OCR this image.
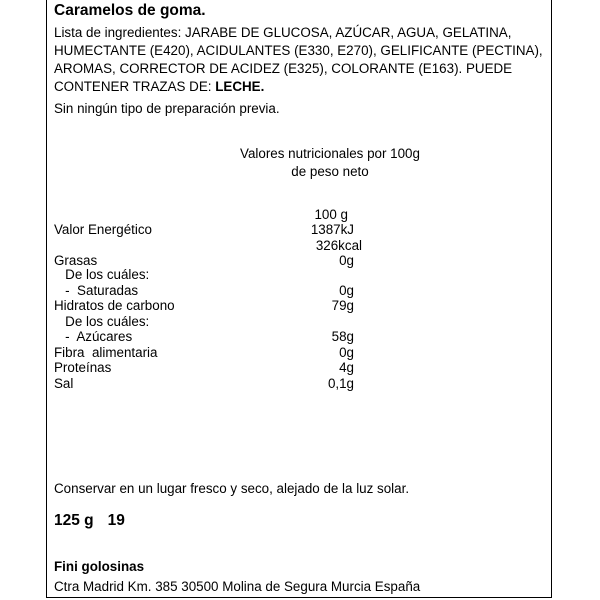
Caramelos de goma.
Lista de ingredientes: JARABE DE GLUCOSA, AZÚCAR, AGUA, GELATINA, HUMECTANTE (E420), ACIDULANTES (E330, E270), GELIFICANTE (PECTINA), AROMAS, CORRECTOR DE ACIDEZ (E325), COLORANTE (E163). PUEDE CONTENER TRAZAS DE: LECHE.
Sin ningún tipo de preparación previa.
Valores nutricionales por 100g de peso neto
100 g
Valor Energético	1387kJ
326kcal
Grasas	0g
De los cuáles:
-  Saturadas	0g
Hidratos de carbono	79g
De los cuáles:
-  Azúcares	58g
Fibra  alimentaria	0g
Proteínas	4g
Sal	0,1g
Conservar en un lugar fresco y seco, alejado de la luz solar.
125 g 19
Fini golosinas
Ctra Madrid Km. 385 30500 Molina de Segura Murcia España
